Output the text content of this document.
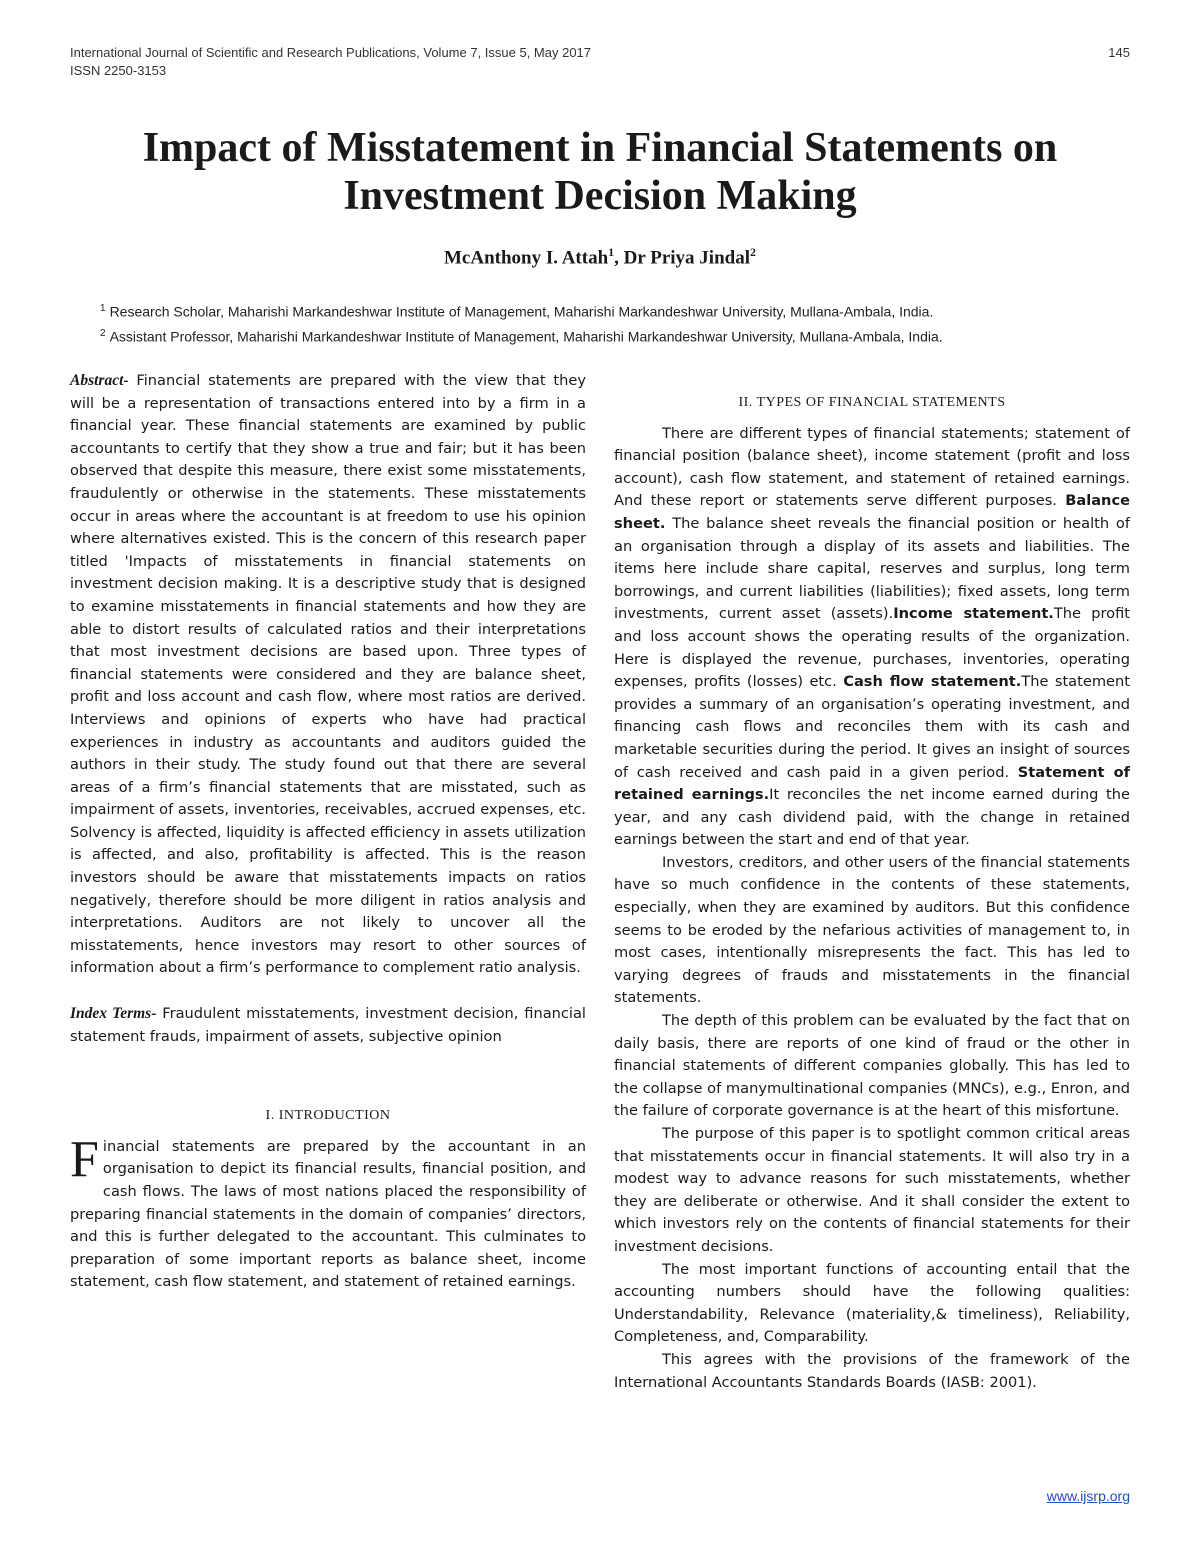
International Journal of Scientific and Research Publications, Volume 7, Issue 5, May 2017
ISSN 2250-3153
145
Impact of Misstatement in Financial Statements on
Investment Decision Making
McAnthony I. Attah$^1$, Dr Priya Jindal$^2$
$^1$ Research Scholar, Maharishi Markandeshwar Institute of Management, Maharishi Markandeshwar University, Mullana-Ambala, India.
$^2$ Assistant Professor, Maharishi Markandeshwar Institute of Management, Maharishi Markandeshwar University, Mullana-Ambala, India.

Abstract- Financial statements are prepared with the view that they will be a representation of transactions entered into by a firm in a financial year. These financial statements are examined by public accountants to certify that they show a true and fair; but it has been observed that despite this measure, there exist some misstatements, fraudulently or otherwise in the statements. These misstatements occur in areas where the accountant is at freedom to use his opinion where alternatives existed. This is the concern of this research paper titled 'Impacts of misstatements in financial statements on investment decision making. It is a descriptive study that is designed to examine misstatements in financial statements and how they are able to distort results of calculated ratios and their interpretations that most investment decisions are based upon. Three types of financial statements were considered and they are balance sheet, profit and loss account and cash flow, where most ratios are derived. Interviews and opinions of experts who have had practical experiences in industry as accountants and auditors guided the authors in their study. The study found out that there are several areas of a firm’s financial statements that are misstated, such as impairment of assets, inventories, receivables, accrued expenses, etc. Solvency is affected, liquidity is affected efficiency in assets utilization is affected, and also, profitability is affected. This is the reason investors should be aware that misstatements impacts on ratios negatively, therefore should be more diligent in ratios analysis and interpretations. Auditors are not likely to uncover all the misstatements, hence investors may resort to other sources of information about a firm’s performance to complement ratio analysis.

Index Terms- Fraudulent misstatements, investment decision, financial statement frauds, impairment of assets, subjective opinion

I. INTRODUCTION

Financial statements are prepared by the accountant in an organisation to depict its financial results, financial position, and cash flows. The laws of most nations placed the responsibility of preparing financial statements in the domain of companies’ directors, and this is further delegated to the accountant. This culminates to preparation of some important reports as balance sheet, income statement, cash flow statement, and statement of retained earnings.

II. TYPES OF FINANCIAL STATEMENTS

There are different types of financial statements; statement of financial position (balance sheet), income statement (profit and loss account), cash flow statement, and statement of retained earnings. And these report or statements serve different purposes. Balance sheet. The balance sheet reveals the financial position or health of an organisation through a display of its assets and liabilities. The items here include share capital, reserves and surplus, long term borrowings, and current liabilities (liabilities); fixed assets, long term investments, current asset (assets).Income statement.The profit and loss account shows the operating results of the organization. Here is displayed the revenue, purchases, inventories, operating expenses, profits (losses) etc. Cash flow statement.The statement provides a summary of an organisation’s operating investment, and financing cash flows and reconciles them with its cash and marketable securities during the period. It gives an insight of sources of cash received and cash paid in a given period. Statement of retained earnings.It reconciles the net income earned during the year, and any cash dividend paid, with the change in retained earnings between the start and end of that year.

Investors, creditors, and other users of the financial statements have so much confidence in the contents of these statements, especially, when they are examined by auditors. But this confidence seems to be eroded by the nefarious activities of management to, in most cases, intentionally misrepresents the fact. This has led to varying degrees of frauds and misstatements in the financial statements.

The depth of this problem can be evaluated by the fact that on daily basis, there are reports of one kind of fraud or the other in financial statements of different companies globally. This has led to the collapse of manymultinational companies (MNCs), e.g., Enron, and the failure of corporate governance is at the heart of this misfortune.

The purpose of this paper is to spotlight common critical areas that misstatements occur in financial statements. It will also try in a modest way to advance reasons for such misstatements, whether they are deliberate or otherwise. And it shall consider the extent to which investors rely on the contents of financial statements for their investment decisions.

The most important functions of accounting entail that the accounting numbers should have the following qualities: Understandability, Relevance (materiality,& timeliness), Reliability, Completeness, and, Comparability.

This agrees with the provisions of the framework of the International Accountants Standards Boards (IASB: 2001).

www.ijsrp.org
